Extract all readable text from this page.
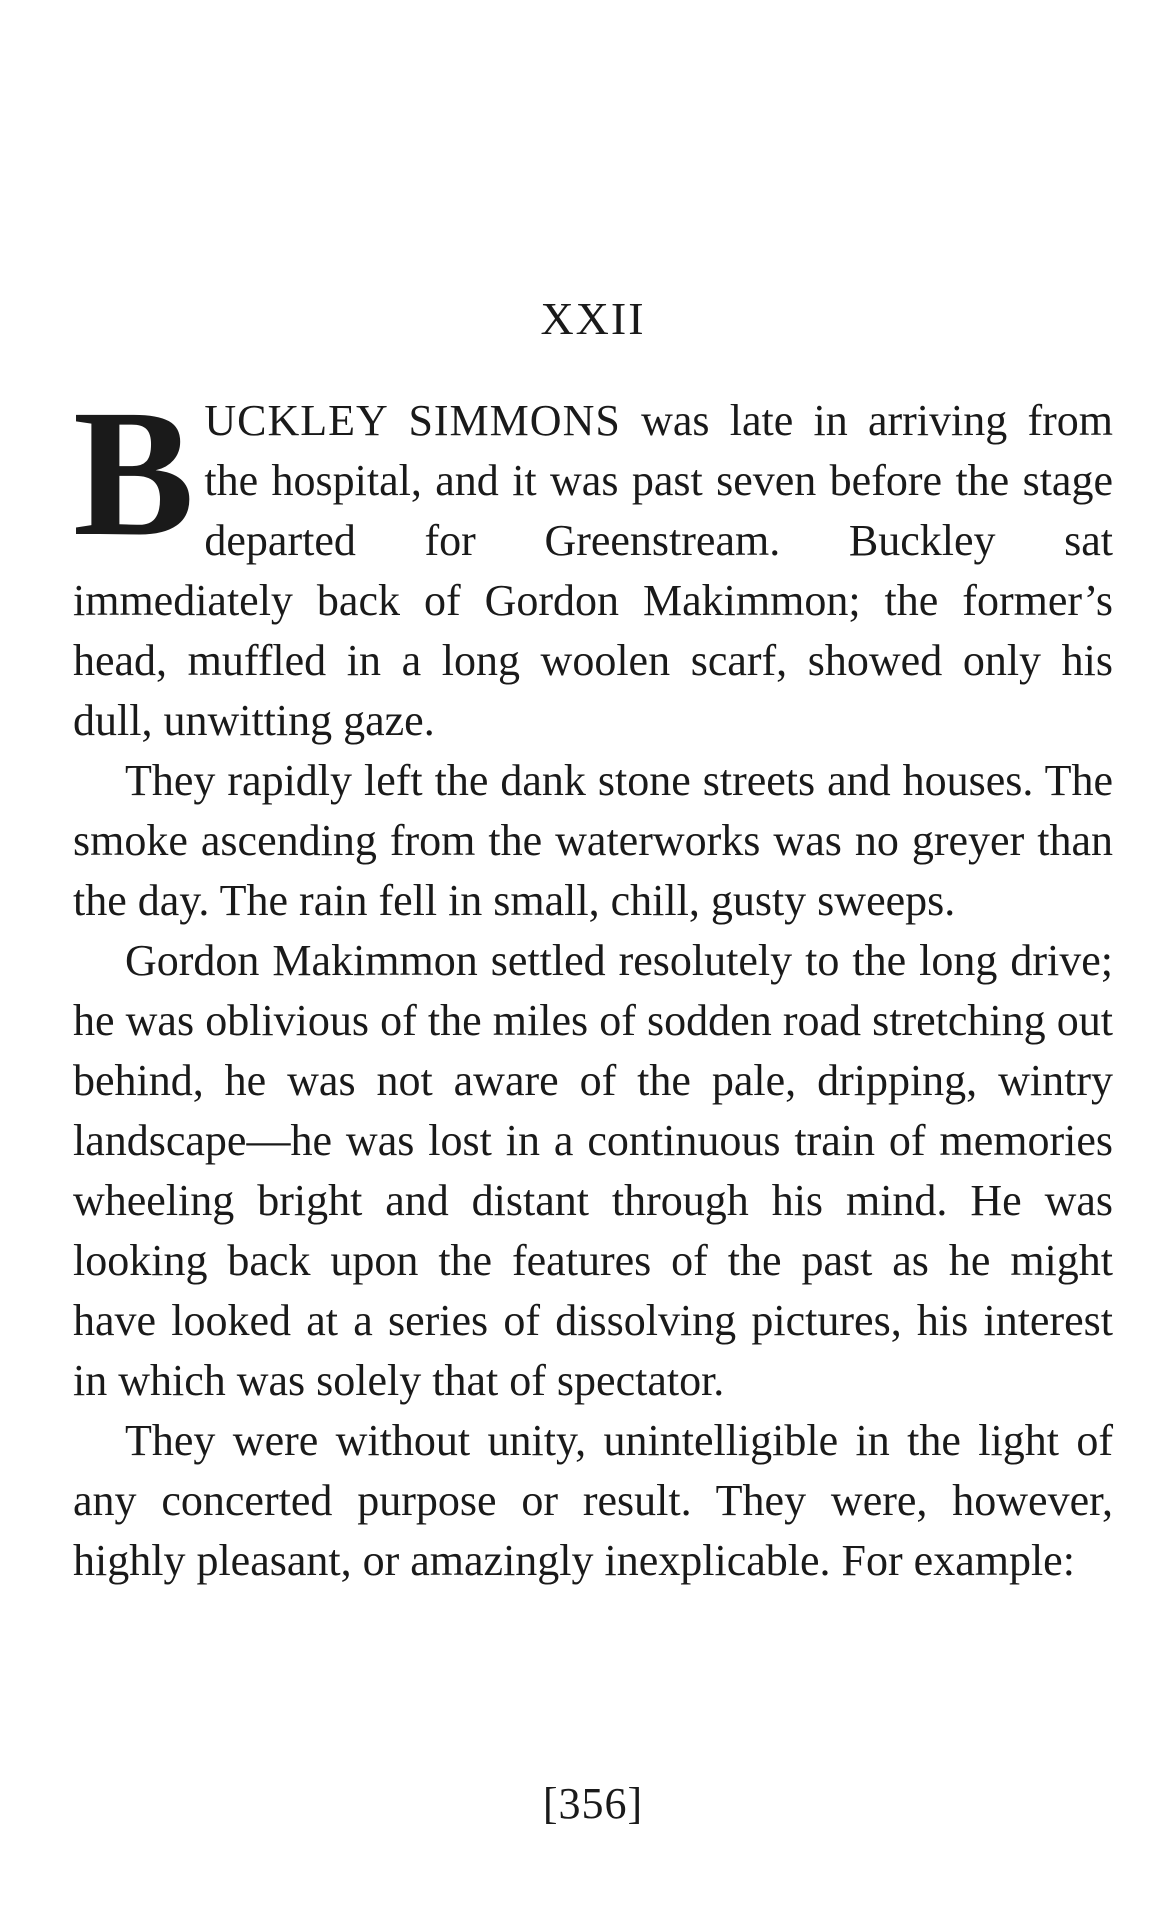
XXII

BUCKLEY SIMMONS was late in arriving from the hospital, and it was past seven before the stage departed for Greenstream. Buckley sat immediately back of Gordon Makimmon; the former’s head, muffled in a long woolen scarf, showed only his dull, unwitting gaze.

They rapidly left the dank stone streets and houses. The smoke ascending from the waterworks was no greyer than the day. The rain fell in small, chill, gusty sweeps.

Gordon Makimmon settled resolutely to the long drive; he was oblivious of the miles of sodden road stretching out behind, he was not aware of the pale, dripping, wintry landscape—he was lost in a continuous train of memories wheeling bright and distant through his mind. He was looking back upon the features of the past as he might have looked at a series of dissolving pictures, his interest in which was solely that of spectator.

They were without unity, unintelligible in the light of any concerted purpose or result. They were, however, highly pleasant, or amazingly inexplicable. For example:

[356]
